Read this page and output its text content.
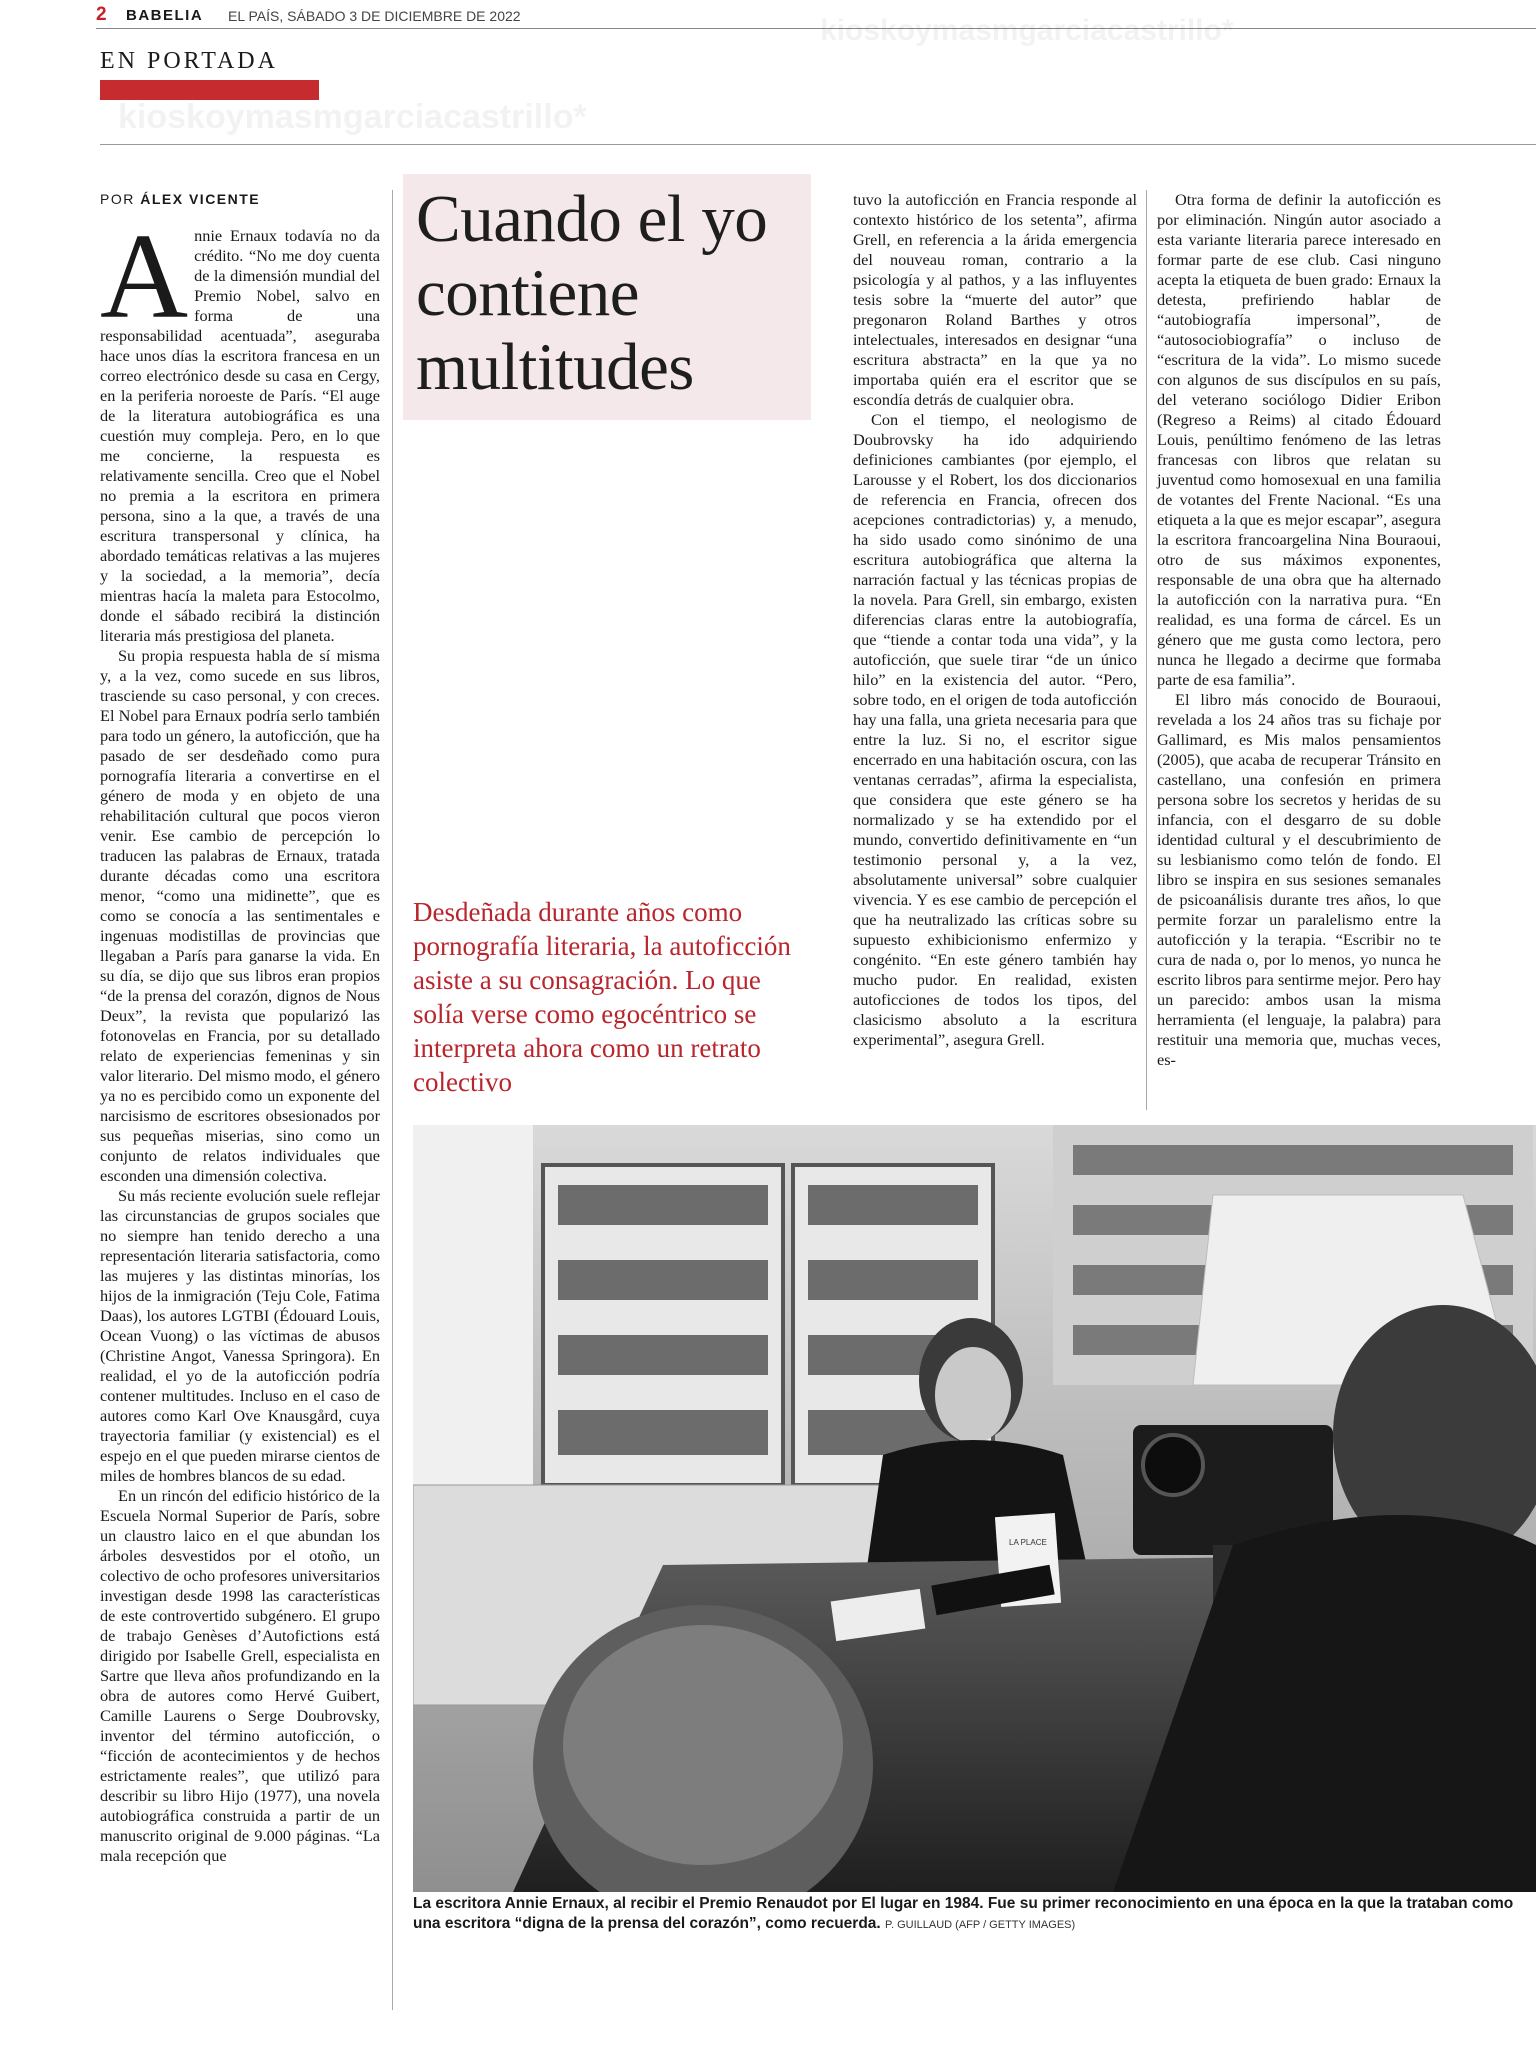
2 BABELIA EL PAÍS, SÁBADO 3 DE DICIEMBRE DE 2022
EN PORTADA
kioskoymasmgarciacastrillo*
kioskoymasmgarciacastrillo*
POR ÁLEX VICENTE

Annie Ernaux todavía no da crédito. “No me doy cuenta de la dimensión mundial del Premio Nobel, salvo en forma de una responsabilidad acentuada”, aseguraba hace unos días la escritora francesa en un correo electrónico desde su casa en Cergy, en la periferia noroeste de París. “El auge de la literatura autobiográfica es una cuestión muy compleja. Pero, en lo que me concierne, la respuesta es relativamente sencilla. Creo que el Nobel no premia a la escritora en primera persona, sino a la que, a través de una escritura transpersonal y clínica, ha abordado temáticas relativas a las mujeres y la sociedad, a la memoria”, decía mientras hacía la maleta para Estocolmo, donde el sábado recibirá la distinción literaria más prestigiosa del planeta.

Su propia respuesta habla de sí misma y, a la vez, como sucede en sus libros, trasciende su caso personal, y con creces. El Nobel para Ernaux podría serlo también para todo un género, la autoficción, que ha pasado de ser desdeñado como pura pornografía literaria a convertirse en el género de moda y en objeto de una rehabilitación cultural que pocos vieron venir. Ese cambio de percepción lo traducen las palabras de Ernaux, tratada durante décadas como una escritora menor, “como una midinette”, que es como se conocía a las sentimentales e ingenuas modistillas de provincias que llegaban a París para ganarse la vida. En su día, se dijo que sus libros eran propios “de la prensa del corazón, dignos de Nous Deux”, la revista que popularizó las fotonovelas en Francia, por su detallado relato de experiencias femeninas y sin valor literario. Del mismo modo, el género ya no es percibido como un exponente del narcisismo de escritores obsesionados por sus pequeñas miserias, sino como un conjunto de relatos individuales que esconden una dimensión colectiva.

Su más reciente evolución suele reflejar las circunstancias de grupos sociales que no siempre han tenido derecho a una representación literaria satisfactoria, como las mujeres y las distintas minorías, los hijos de la inmigración (Teju Cole, Fatima Daas), los autores LGTBI (Édouard Louis, Ocean Vuong) o las víctimas de abusos (Christine Angot, Vanessa Springora). En realidad, el yo de la autoficción podría contener multitudes. Incluso en el caso de autores como Karl Ove Knausgård, cuya trayectoria familiar (y existencial) es el espejo en el que pueden mirarse cientos de miles de hombres blancos de su edad.

En un rincón del edificio histórico de la Escuela Normal Superior de París, sobre un claustro laico en el que abundan los árboles desvestidos por el otoño, un colectivo de ocho profesores universitarios investigan desde 1998 las características de este controvertido subgénero. El grupo de trabajo Genèses d’Autofictions está dirigido por Isabelle Grell, especialista en Sartre que lleva años profundizando en la obra de autores como Hervé Guibert, Camille Laurens o Serge Doubrovsky, inventor del término autoficción, o “ficción de acontecimientos y de hechos estrictamente reales”, que utilizó para describir su libro Hijo (1977), una novela autobiográfica construida a partir de un manuscrito original de 9.000 páginas. “La mala recepción que

Cuando el yo contiene multitudes
Desdeñada durante años como pornografía literaria, la autoficción asiste a su consagración. Lo que solía verse como egocéntrico se interpreta ahora como un retrato colectivo

tuvo la autoficción en Francia responde al contexto histórico de los setenta”, afirma Grell, en referencia a la árida emergencia del nouveau roman, contrario a la psicología y al pathos, y a las influyentes tesis sobre la “muerte del autor” que pregonaron Roland Barthes y otros intelectuales, interesados en designar “una escritura abstracta” en la que ya no importaba quién era el escritor que se escondía detrás de cualquier obra.

Con el tiempo, el neologismo de Doubrovsky ha ido adquiriendo definiciones cambiantes (por ejemplo, el Larousse y el Robert, los dos diccionarios de referencia en Francia, ofrecen dos acepciones contradictorias) y, a menudo, ha sido usado como sinónimo de una escritura autobiográfica que alterna la narración factual y las técnicas propias de la novela. Para Grell, sin embargo, existen diferencias claras entre la autobiografía, que “tiende a contar toda una vida”, y la autoficción, que suele tirar “de un único hilo” en la existencia del autor. “Pero, sobre todo, en el origen de toda autoficción hay una falla, una grieta necesaria para que entre la luz. Si no, el escritor sigue encerrado en una habitación oscura, con las ventanas cerradas”, afirma la especialista, que considera que este género se ha normalizado y se ha extendido por el mundo, convertido definitivamente en “un testimonio personal y, a la vez, absolutamente universal” sobre cualquier vivencia. Y es ese cambio de percepción el que ha neutralizado las críticas sobre su supuesto exhibicionismo enfermizo y congénito. “En este género también hay mucho pudor. En realidad, existen autoficciones de todos los tipos, del clasicismo absoluto a la escritura experimental”, asegura Grell.

Otra forma de definir la autoficción es por eliminación. Ningún autor asociado a esta variante literaria parece interesado en formar parte de ese club. Casi ninguno acepta la etiqueta de buen grado: Ernaux la detesta, prefiriendo hablar de “autobiografía impersonal”, de “autosociobiografía” o incluso de “escritura de la vida”. Lo mismo sucede con algunos de sus discípulos en su país, del veterano sociólogo Didier Eribon (Regreso a Reims) al citado Édouard Louis, penúltimo fenómeno de las letras francesas con libros que relatan su juventud como homosexual en una familia de votantes del Frente Nacional. “Es una etiqueta a la que es mejor escapar”, asegura la escritora francoargelina Nina Bouraoui, otro de sus máximos exponentes, responsable de una obra que ha alternado la autoficción con la narrativa pura. “En realidad, es una forma de cárcel. Es un género que me gusta como lectora, pero nunca he llegado a decirme que formaba parte de esa familia”.

El libro más conocido de Bouraoui, revelada a los 24 años tras su fichaje por Gallimard, es Mis malos pensamientos (2005), que acaba de recuperar Tránsito en castellano, una confesión en primera persona sobre los secretos y heridas de su infancia, con el desgarro de su doble identidad cultural y el descubrimiento de su lesbianismo como telón de fondo. El libro se inspira en sus sesiones semanales de psicoanálisis durante tres años, lo que permite forzar un paralelismo entre la autoficción y la terapia. “Escribir no te cura de nada o, por lo menos, yo nunca he escrito libros para sentirme mejor. Pero hay un parecido: ambos usan la misma herramienta (el lenguaje, la palabra) para restituir una memoria que, muchas veces, es-

LA PLACE
La escritora Annie Ernaux, al recibir el Premio Renaudot por El lugar en 1984. Fue su primer reconocimiento en una época en la que la trataban como una escritora “digna de la prensa del corazón”, como recuerda. P. GUILLAUD (AFP / GETTY IMAGES)
